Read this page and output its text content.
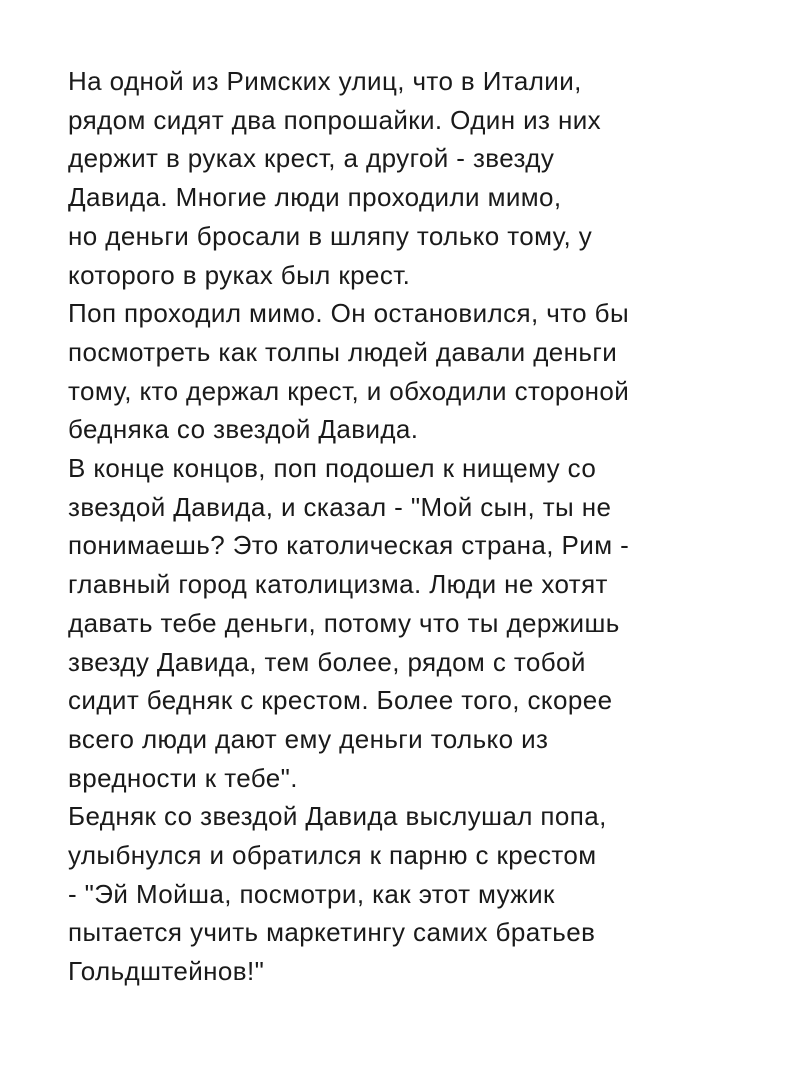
На одной из Римских улиц, что в Италии,
рядом сидят два попрошайки. Один из них
держит в руках крест, а другой - звезду
Давида. Многие люди проходили мимо,
но деньги бросали в шляпу только тому, у
которого в руках был крест.
Поп проходил мимо. Он остановился, что бы
посмотреть как толпы людей давали деньги
тому, кто держал крест, и обходили стороной
бедняка со звездой Давида.
В конце концов, поп подошел к нищему со
звездой Давида, и сказал - "Мой сын, ты не
понимаешь? Это католическая страна, Рим -
главный город католицизма. Люди не хотят
давать тебе деньги, потому что ты держишь
звезду Давида, тем более, рядом с тобой
сидит бедняк с крестом. Более того, скорее
всего люди дают ему деньги только из
вредности к тебе".
Бедняк со звездой Давида выслушал попа,
улыбнулся и обратился к парню с крестом
- "Эй Мойша, посмотри, как этот мужик
пытается учить маркетингу самих братьев
Гольдштейнов!"
